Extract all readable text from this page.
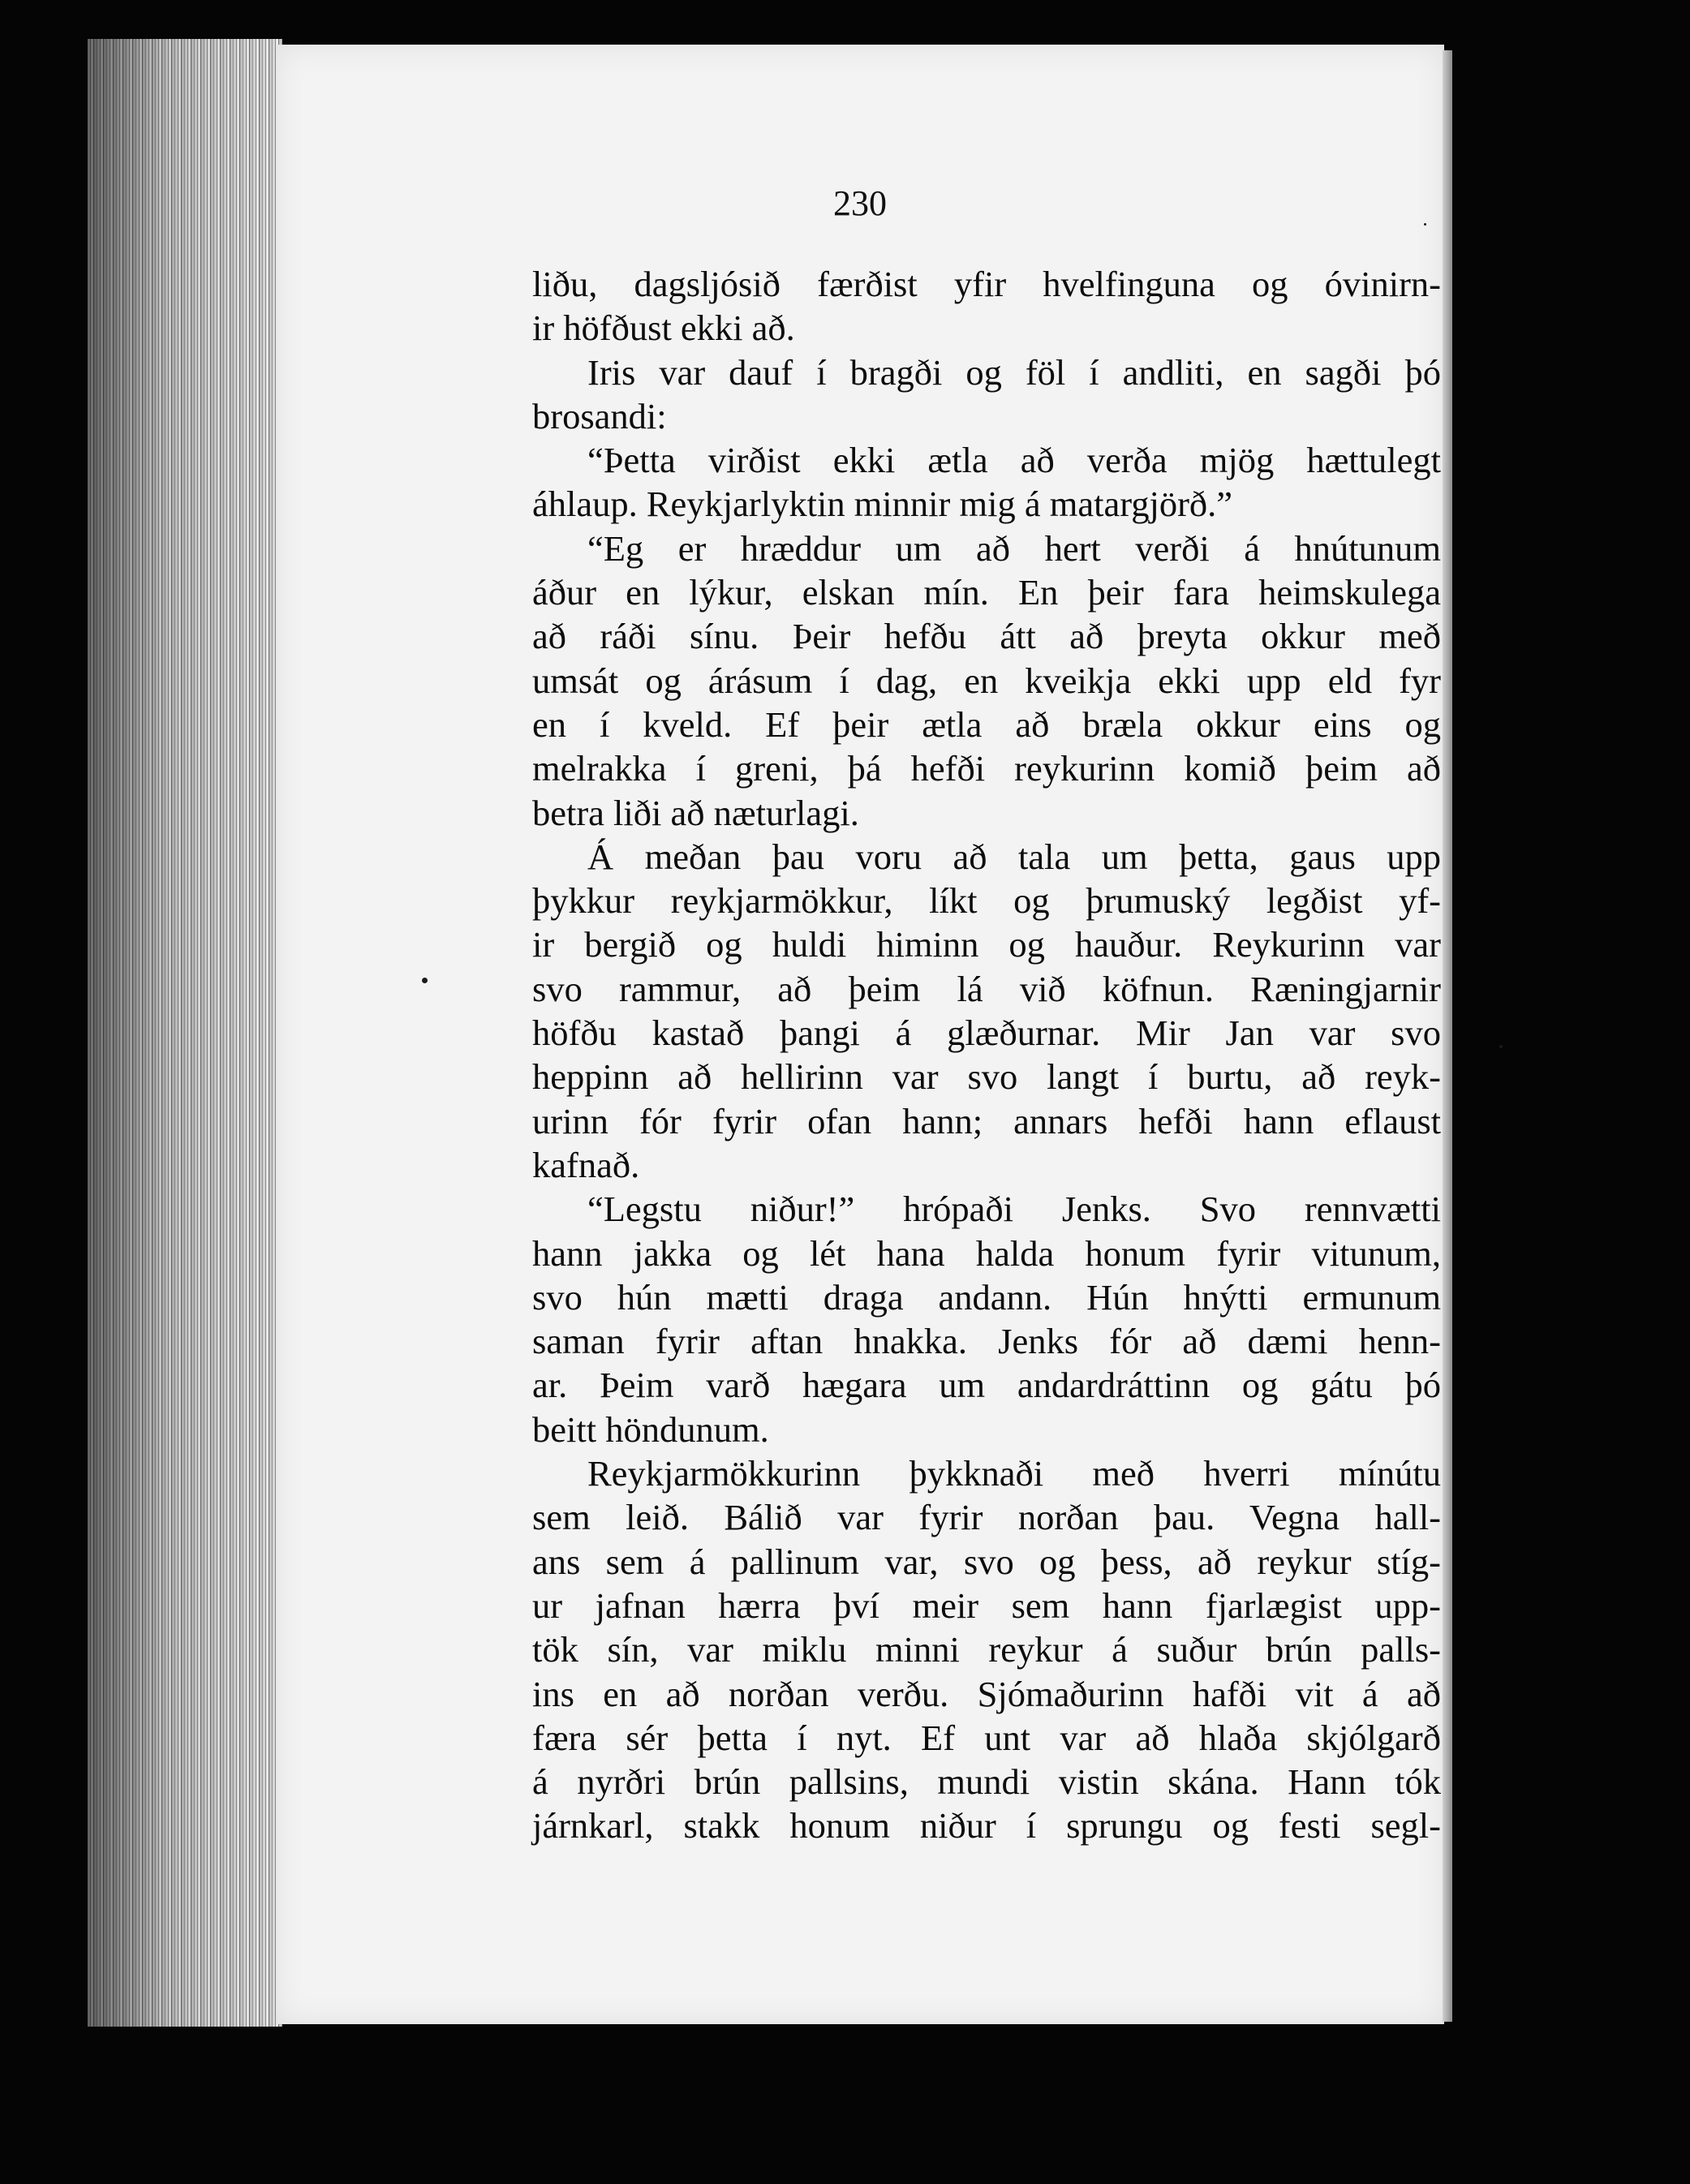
230
liðu, dagsljósið færðist yfir hvelfinguna og óvinirn-
ir höfðust ekki að.
Iris var dauf í bragði og föl í andliti, en sagði þó
brosandi:
“Þetta virðist ekki ætla að verða mjög hættulegt
áhlaup. Reykjarlyktin minnir mig á matargjörð.”
“Eg er hræddur um að hert verði á hnútunum
áður en lýkur, elskan mín. En þeir fara heimskulega
að ráði sínu. Þeir hefðu átt að þreyta okkur með
umsát og árásum í dag, en kveikja ekki upp eld fyr
en í kveld. Ef þeir ætla að bræla okkur eins og
melrakka í greni, þá hefði reykurinn komið þeim að
betra liði að næturlagi.
Á meðan þau voru að tala um þetta, gaus upp
þykkur reykjarmökkur, líkt og þrumuský legðist yf-
ir bergið og huldi himinn og hauður. Reykurinn var
svo rammur, að þeim lá við köfnun. Ræningjarnir
höfðu kastað þangi á glæðurnar. Mir Jan var svo
heppinn að hellirinn var svo langt í burtu, að reyk-
urinn fór fyrir ofan hann; annars hefði hann eflaust
kafnað.
“Legstu niður!” hrópaði Jenks. Svo rennvætti
hann jakka og lét hana halda honum fyrir vitunum,
svo hún mætti draga andann. Hún hnýtti ermunum
saman fyrir aftan hnakka. Jenks fór að dæmi henn-
ar. Þeim varð hægara um andardráttinn og gátu þó
beitt höndunum.
Reykjarmökkurinn þykknaði með hverri mínútu
sem leið. Bálið var fyrir norðan þau. Vegna hall-
ans sem á pallinum var, svo og þess, að reykur stíg-
ur jafnan hærra því meir sem hann fjarlægist upp-
tök sín, var miklu minni reykur á suður brún palls-
ins en að norðan verðu. Sjómaðurinn hafði vit á að
færa sér þetta í nyt. Ef unt var að hlaða skjólgarð
á nyrðri brún pallsins, mundi vistin skána. Hann tók
járnkarl, stakk honum niður í sprungu og festi segl-
